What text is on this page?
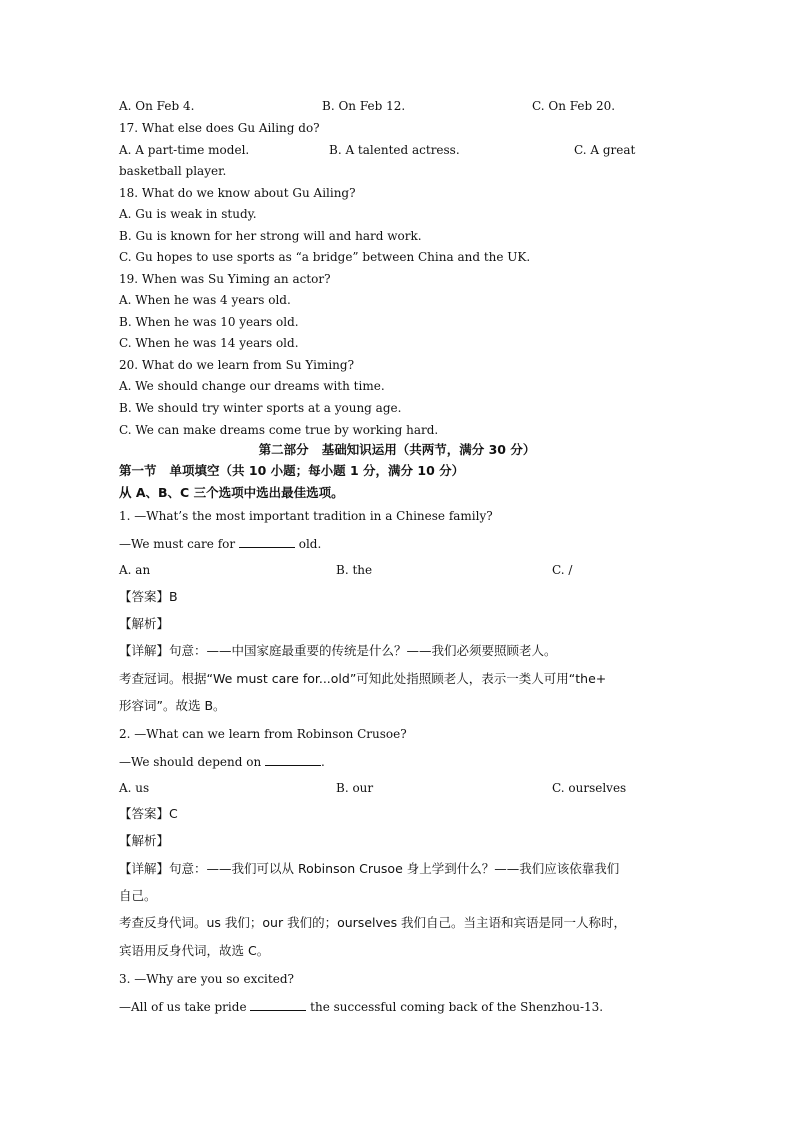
A. On Feb 4.	B. On Feb 12.	C. On Feb 20.
17. What else does Gu Ailing do?
A. A part-time model.	B. A talented actress.	C. A great
basketball player.
18. What do we know about Gu Ailing?
A. Gu is weak in study.
B. Gu is known for her strong will and hard work.
C. Gu hopes to use sports as “a bridge” between China and the UK.
19. When was Su Yiming an actor?
A. When he was 4 years old.
B. When he was 10 years old.
C. When he was 14 years old.
20. What do we learn from Su Yiming?
A. We should change our dreams with time.
B. We should try winter sports at a young age.
C. We can make dreams come true by working hard.
第二部分   基础知识运用（共两节，满分 30 分）
第一节   单项填空（共 10 小题；每小题 1 分，满分 10 分）
从 A、B、C 三个选项中选出最佳选项。
1. —What’s the most important tradition in a Chinese family?
—We must care for	old.
A. an	B. the	C. /
【答案】B
【解析】
【详解】句意：——中国家庭最重要的传统是什么？——我们必须要照顾老人。
考查冠词。根据“We must care for...old”可知此处指照顾老人，表示一类人可用“the+
形容词”。故选 B。
2. —What can we learn from Robinson Crusoe?
—We should depend on	.
A. us	B. our	C. ourselves
【答案】C
【解析】
【详解】句意：——我们可以从 Robinson Crusoe 身上学到什么？——我们应该依靠我们
自己。
考查反身代词。us 我们；our 我们的；ourselves 我们自己。当主语和宾语是同一人称时，
宾语用反身代词，故选 C。
3. —Why are you so excited?
—All of us take pride	the successful coming back of the Shenzhou-13.
